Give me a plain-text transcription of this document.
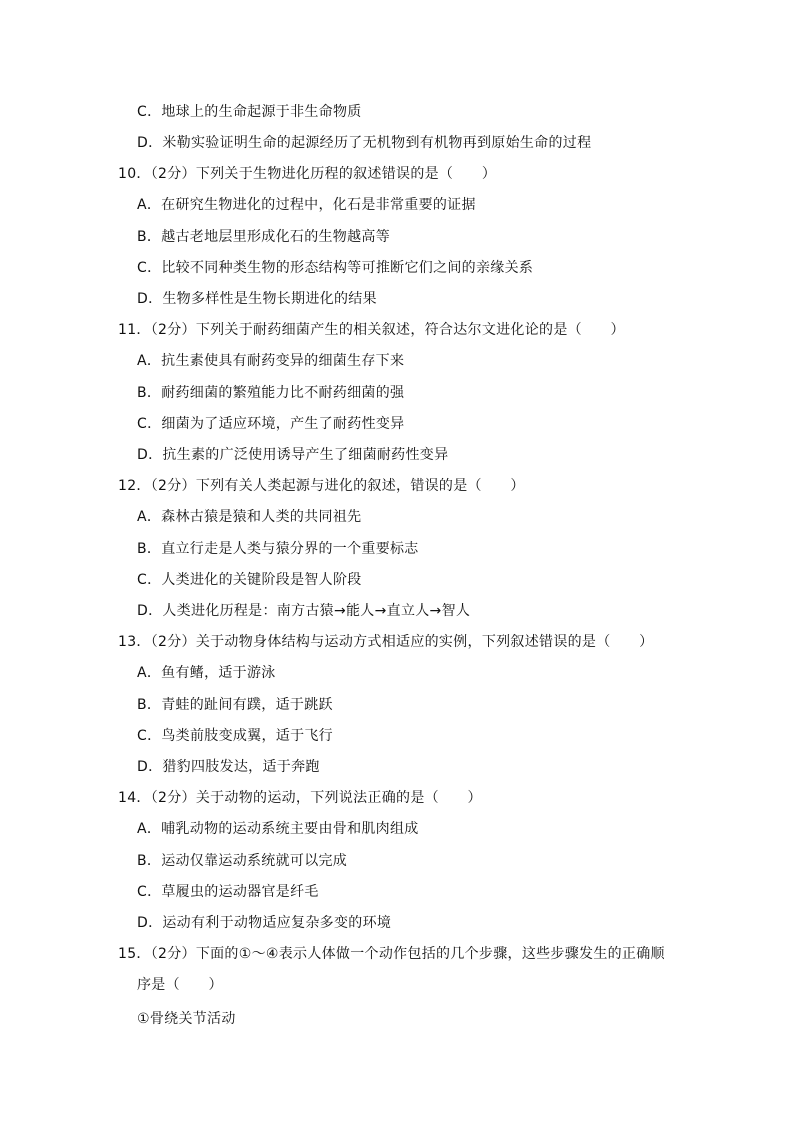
C．地球上的生命起源于非生命物质
D．米勒实验证明生命的起源经历了无机物到有机物再到原始生命的过程
10．（2分）下列关于生物进化历程的叙述错误的是（　　）
A．在研究生物进化的过程中，化石是非常重要的证据
B．越古老地层里形成化石的生物越高等
C．比较不同种类生物的形态结构等可推断它们之间的亲缘关系
D．生物多样性是生物长期进化的结果
11．（2分）下列关于耐药细菌产生的相关叙述，符合达尔文进化论的是（　　）
A．抗生素使具有耐药变异的细菌生存下来
B．耐药细菌的繁殖能力比不耐药细菌的强
C．细菌为了适应环境，产生了耐药性变异
D．抗生素的广泛使用诱导产生了细菌耐药性变异
12．（2分）下列有关人类起源与进化的叙述，错误的是（　　）
A．森林古猿是猿和人类的共同祖先
B．直立行走是人类与猿分界的一个重要标志
C．人类进化的关键阶段是智人阶段
D．人类进化历程是：南方古猿→能人→直立人→智人
13．（2分）关于动物身体结构与运动方式相适应的实例，下列叙述错误的是（　　）
A．鱼有鳍，适于游泳
B．青蛙的趾间有蹼，适于跳跃
C．鸟类前肢变成翼，适于飞行
D．猎豹四肢发达，适于奔跑
14．（2分）关于动物的运动，下列说法正确的是（　　）
A．哺乳动物的运动系统主要由骨和肌肉组成
B．运动仅靠运动系统就可以完成
C．草履虫的运动器官是纤毛
D．运动有利于动物适应复杂多变的环境
15．（2分）下面的①～④表示人体做一个动作包括的几个步骤，这些步骤发生的正确顺
序是（　　）
①骨绕关节活动
